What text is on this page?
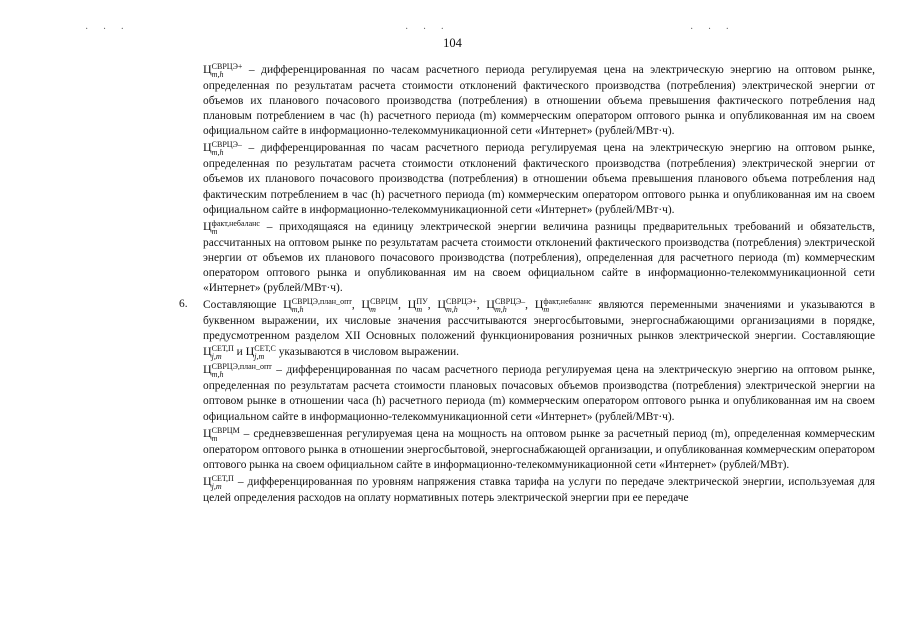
· · ·	· · ·	· · ·
104

Ц СВРЦЭ+
m,h	– дифференцированная по часам расчетного периода регулируемая цена на электрическую энергию на оптовом рынке, определенная по результатам расчета стоимости отклонений фактического производства (потребления) электрической энергии от объемов их планового почасового производства (потребления) в отношении объема превышения фактического потребления над плановым потреблением в час (h) расчетного периода (m) коммерческим оператором оптового рынка и опубликованная им на своем официальном сайте в информационно-телекоммуникационной сети «Интернет» (рублей/МВт·ч).

Ц СВРЦЭ–
m,h	– дифференцированная по часам расчетного периода регулируемая цена на электрическую энергию на оптовом рынке, определенная по результатам расчета стоимости отклонений фактического производства (потребления) электрической энергии от объемов их планового почасового производства (потребления) в отношении объема превышения планового объема потребления над фактическим потреблением в час (h) расчетного периода (m) коммерческим оператором оптового рынка и опубликованная им на своем официальном сайте в информационно-телекоммуникационной сети «Интернет» (рублей/МВт·ч).

Ц факт,небаланс
m	– приходящаяся на единицу электрической энергии величина разницы предварительных требований и обязательств, рассчитанных на оптовом рынке по результатам расчета стоимости отклонений фактического производства (потребления) электрической энергии от объемов их планового почасового производства (потребления), определенная для расчетного периода (m) коммерческим оператором оптового рынка и опубликованная им на своем официальном сайте в информационно-телекоммуникационной сети «Интернет» (рублей/МВт·ч).

6. Составляющие Ц СВРЦЭ,план_опт
m,h	, Ц СВРЦМ
m	, Ц ПУ
m , Ц СВРЦЭ+
m,h	, Ц СВРЦЭ–
m,h	, Ц факт,небаланс
m	являются переменными значениями и указываются в буквенном выражении, их числовые значения рассчитываются энергосбытовыми, энергоснабжающими организациями в порядке, предусмотренном разделом XII Основных положений функционирования розничных рынков электрической энергии. Составляющие Ц СЕТ,П
j,m	и Ц СЕТ,С
j,m	указываются в числовом выражении.

Ц СВРЦЭ,план_опт
m,h	– дифференцированная по часам расчетного периода регулируемая цена на электрическую энергию на оптовом рынке, определенная по результатам расчета стоимости плановых почасовых объемов производства (потребления) электрической энергии на оптовом рынке в отношении часа (h) расчетного периода (m) коммерческим оператором оптового рынка и опубликованная им на своем официальном сайте в информационно-телекоммуникационной сети «Интернет» (рублей/МВт·ч).

Ц СВРЦМ
m	– средневзвешенная регулируемая цена на мощность на оптовом рынке за расчетный период (m), определенная коммерческим оператором оптового рынка в отношении энергосбытовой, энергоснабжающей организации, и опубликованная коммерческим оператором оптового рынка на своем официальном сайте в информационно-телекоммуникационной сети «Интернет» (рублей/МВт).

Ц СЕТ,П
j,m	– дифференцированная по уровням напряжения ставка тарифа на услуги по передаче электрической энергии, используемая для целей определения расходов на оплату нормативных потерь электрической энергии при ее передаче
